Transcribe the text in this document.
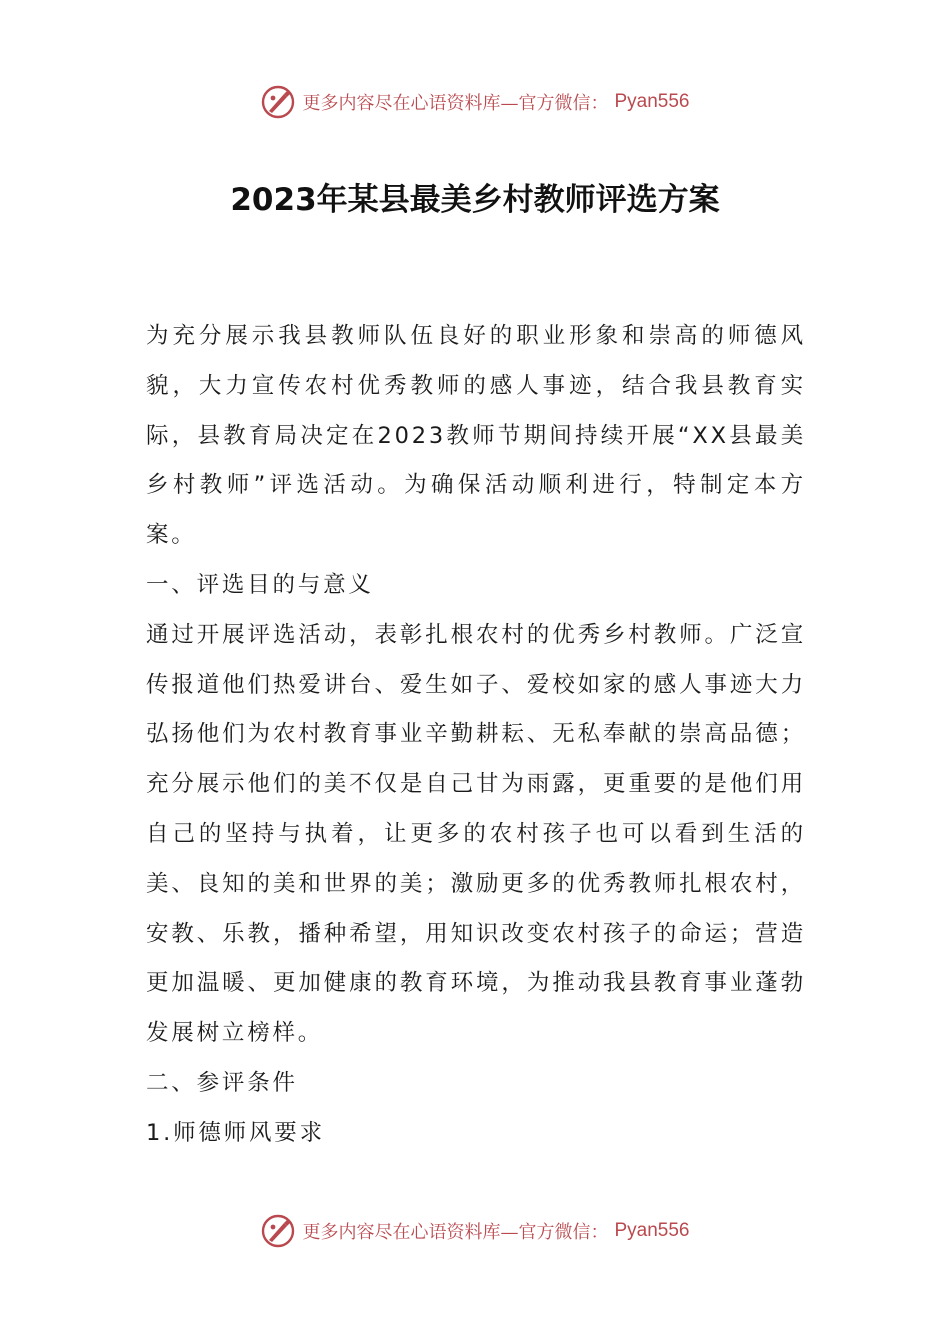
更多内容尽在心语资料库—官方微信： Pyan556
2023年某县最美乡村教师评选方案

为充分展示我县教师队伍良好的职业形象和崇高的师德风貌，大力宣传农村优秀教师的感人事迹，结合我县教育实际，县教育局决定在2023教师节期间持续开展“XX县最美乡村教师”评选活动。为确保活动顺利进行，特制定本方案。

一、评选目的与意义

通过开展评选活动，表彰扎根农村的优秀乡村教师。广泛宣传报道他们热爱讲台、爱生如子、爱校如家的感人事迹大力弘扬他们为农村教育事业辛勤耕耘、无私奉献的崇高品德；充分展示他们的美不仅是自己甘为雨露，更重要的是他们用自己的坚持与执着，让更多的农村孩子也可以看到生活的美、良知的美和世界的美；激励更多的优秀教师扎根农村，安教、乐教，播种希望，用知识改变农村孩子的命运；营造更加温暖、更加健康的教育环境，为推动我县教育事业蓬勃发展树立榜样。

二、参评条件

1.师德师风要求

更多内容尽在心语资料库—官方微信： Pyan556
